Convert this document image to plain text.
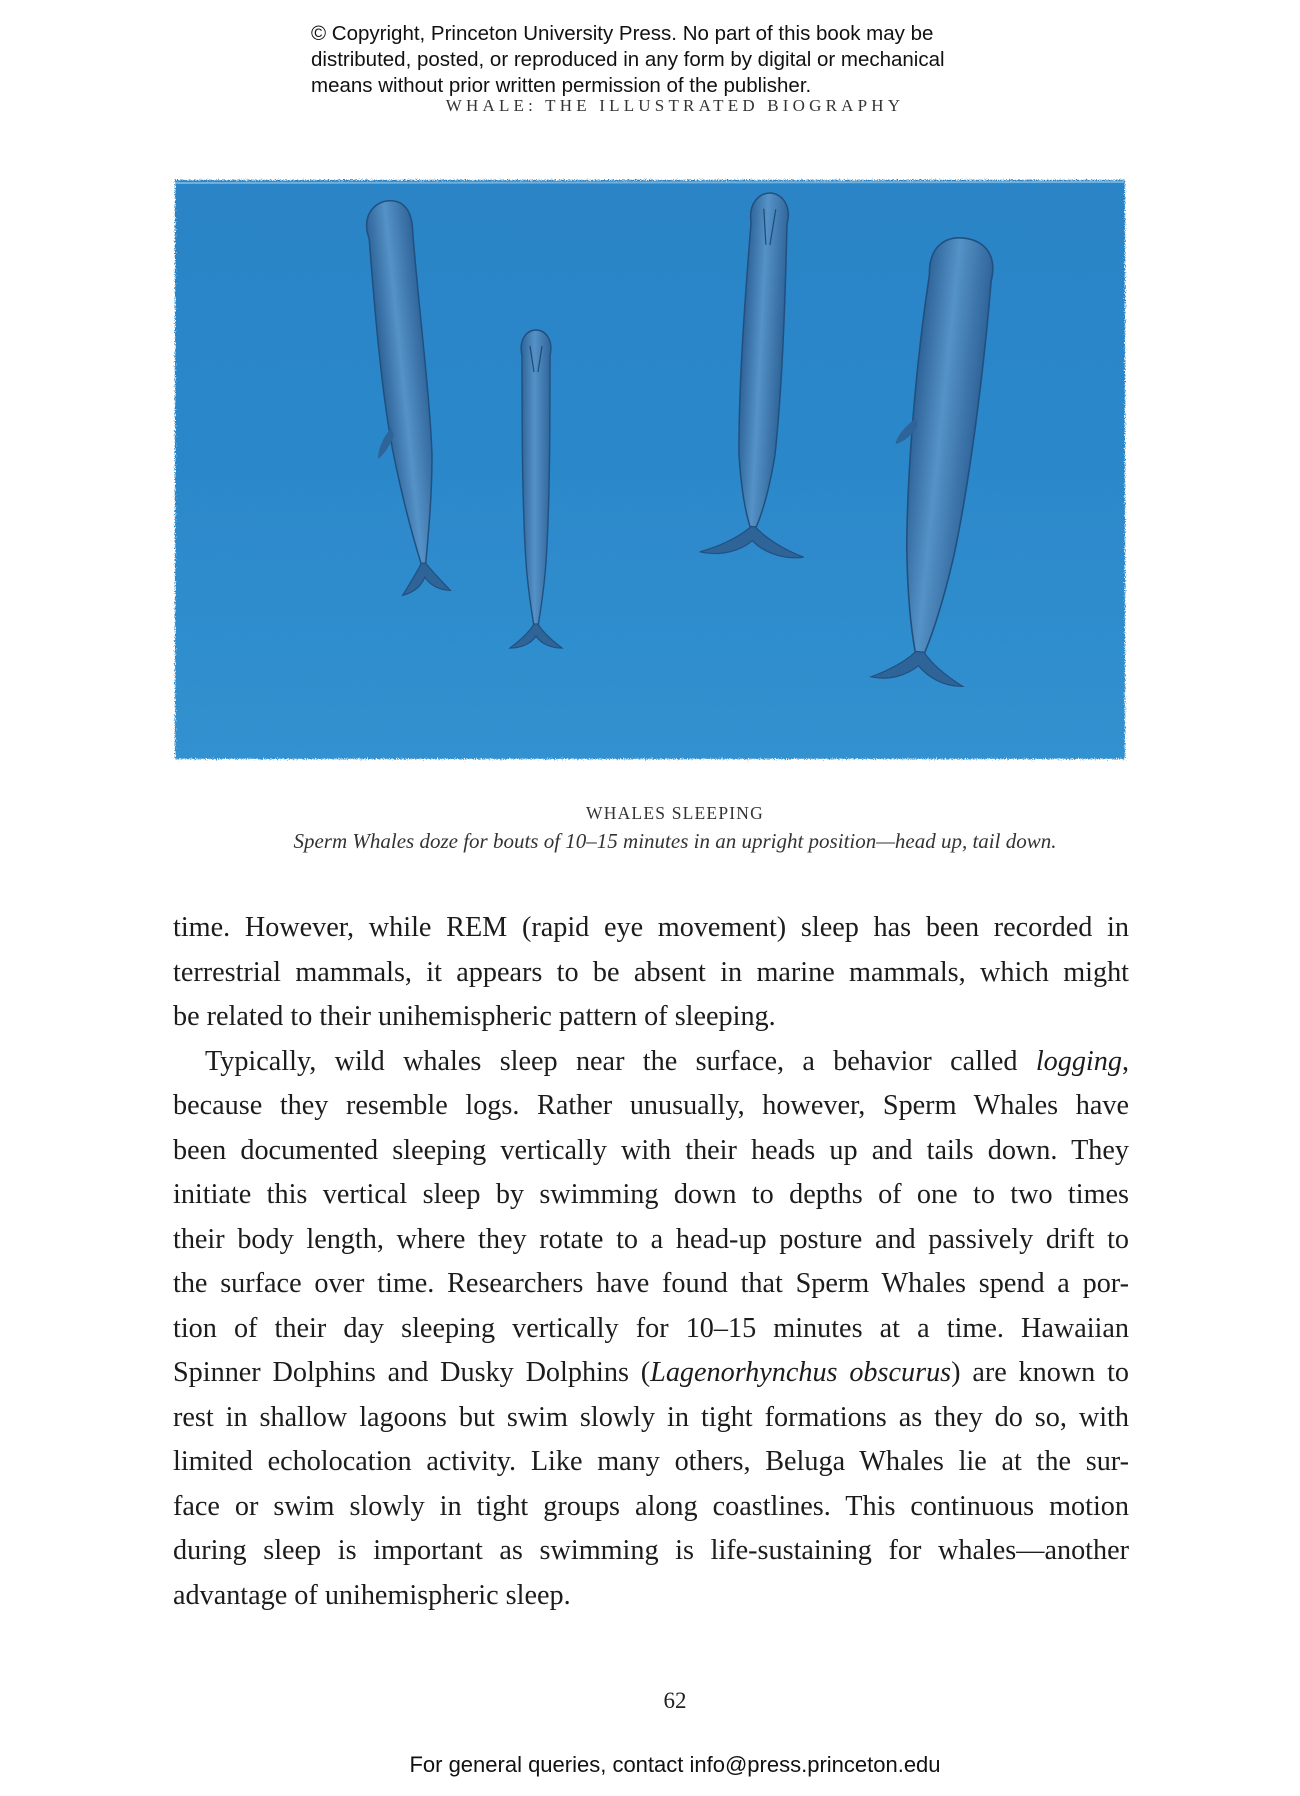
© Copyright, Princeton University Press. No part of this book may be
distributed, posted, or reproduced in any form by digital or mechanical
means without prior written permission of the publisher.
WHALE: THE ILLUSTRATED BIOGRAPHY
WHALES SLEEPING
Sperm Whales doze for bouts of 10–15 minutes in an upright position—head up, tail down.

time. However, while REM (rapid eye movement) sleep has been recorded in
terrestrial mammals, it appears to be absent in marine mammals, which might
be related to their unihemispheric pattern of sleeping.

Typically, wild whales sleep near the surface, a behavior called logging,
because they resemble logs. Rather unusually, however, Sperm Whales have
been documented sleeping vertically with their heads up and tails down. They
initiate this vertical sleep by swimming down to depths of one to two times
their body length, where they rotate to a head-up posture and passively drift to
the surface over time. Researchers have found that Sperm Whales spend a por-
tion of their day sleeping vertically for 10–15 minutes at a time. Hawaiian
Spinner Dolphins and Dusky Dolphins (Lagenorhynchus obscurus) are known to
rest in shallow lagoons but swim slowly in tight formations as they do so, with
limited echolocation activity. Like many others, Beluga Whales lie at the sur-
face or swim slowly in tight groups along coastlines. This continuous motion
during sleep is important as swimming is life-sustaining for whales—another
advantage of unihemispheric sleep.

62
For general queries, contact info@press.princeton.edu
